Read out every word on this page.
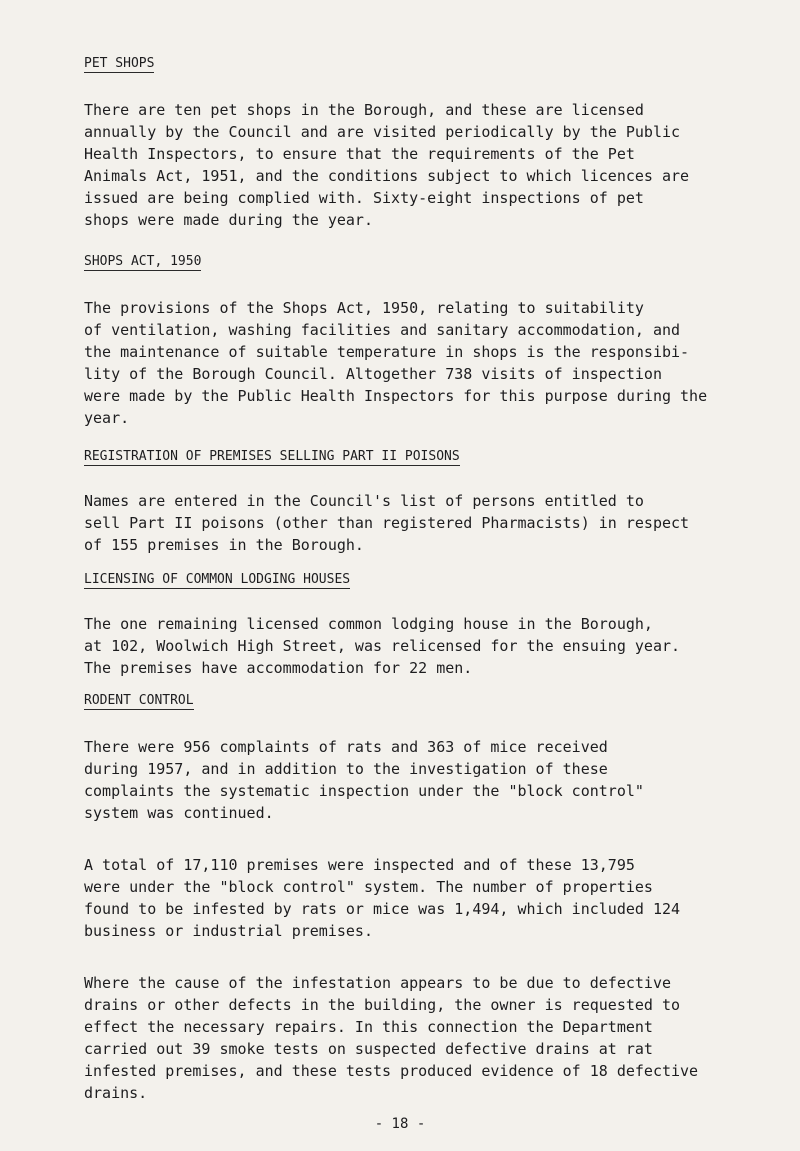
PET SHOPS

There are ten pet shops in the Borough, and these are licensed
annually by the Council and are visited periodically by the Public
Health Inspectors, to ensure that the requirements of the Pet
Animals Act, 1951, and the conditions subject to which licences are
issued are being complied with. Sixty-eight inspections of pet
shops were made during the year.

SHOPS ACT, 1950

The provisions of the Shops Act, 1950, relating to suitability
of ventilation, washing facilities and sanitary accommodation, and
the maintenance of suitable temperature in shops is the responsibi-
lity of the Borough Council. Altogether 738 visits of inspection
were made by the Public Health Inspectors for this purpose during the
year.

REGISTRATION OF PREMISES SELLING PART II POISONS

Names are entered in the Council's list of persons entitled to
sell Part II poisons (other than registered Pharmacists) in respect
of 155 premises in the Borough.

LICENSING OF COMMON LODGING HOUSES

The one remaining licensed common lodging house in the Borough,
at 102, Woolwich High Street, was relicensed for the ensuing year.
The premises have accommodation for 22 men.

RODENT CONTROL

There were 956 complaints of rats and 363 of mice received
during 1957, and in addition to the investigation of these
complaints the systematic inspection under the "block control"
system was continued.

A total of 17,110 premises were inspected and of these 13,795
were under the "block control" system. The number of properties
found to be infested by rats or mice was 1,494, which included 124
business or industrial premises.

Where the cause of the infestation appears to be due to defective
drains or other defects in the building, the owner is requested to
effect the necessary repairs. In this connection the Department
carried out 39 smoke tests on suspected defective drains at rat
infested premises, and these tests produced evidence of 18 defective
drains.

- 18 -
